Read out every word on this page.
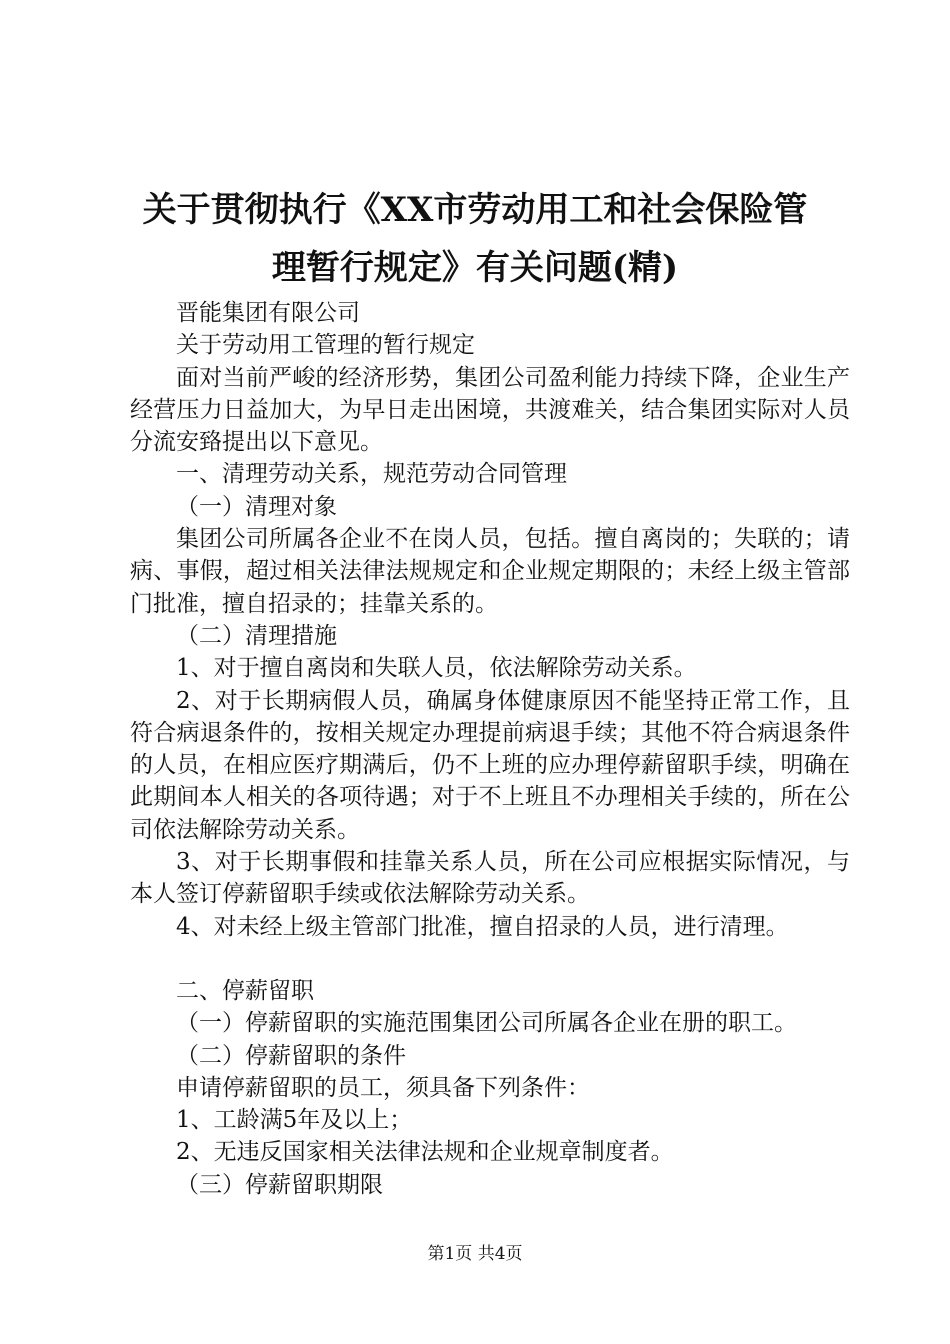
关于贯彻执行《XX市劳动用工和社会保险管
理暂行规定》有关问题(精)

晋能集团有限公司

关于劳动用工管理的暂行规定

面对当前严峻的经济形势，集团公司盈利能力持续下降，企业生产经营压力日益加大，为早日走出困境，共渡难关，结合集团实际对人员分流安臵提出以下意见。

一、清理劳动关系，规范劳动合同管理

（一）清理对象

集团公司所属各企业不在岗人员，包括。擅自离岗的；失联的；请病、事假，超过相关法律法规规定和企业规定期限的；未经上级主管部门批准，擅自招录的；挂靠关系的。

（二）清理措施

1、对于擅自离岗和失联人员，依法解除劳动关系。

2、对于长期病假人员，确属身体健康原因不能坚持正常工作，且符合病退条件的，按相关规定办理提前病退手续；其他不符合病退条件的人员，在相应医疗期满后，仍不上班的应办理停薪留职手续，明确在此期间本人相关的各项待遇；对于不上班且不办理相关手续的，所在公司依法解除劳动关系。

3、对于长期事假和挂靠关系人员，所在公司应根据实际情况，与本人签订停薪留职手续或依法解除劳动关系。

4、对未经上级主管部门批准，擅自招录的人员，进行清理。

二、停薪留职

（一）停薪留职的实施范围集团公司所属各企业在册的职工。

（二）停薪留职的条件

申请停薪留职的员工，须具备下列条件：

1、工龄满5年及以上；

2、无违反国家相关法律法规和企业规章制度者。

（三）停薪留职期限

第1页 共4页
